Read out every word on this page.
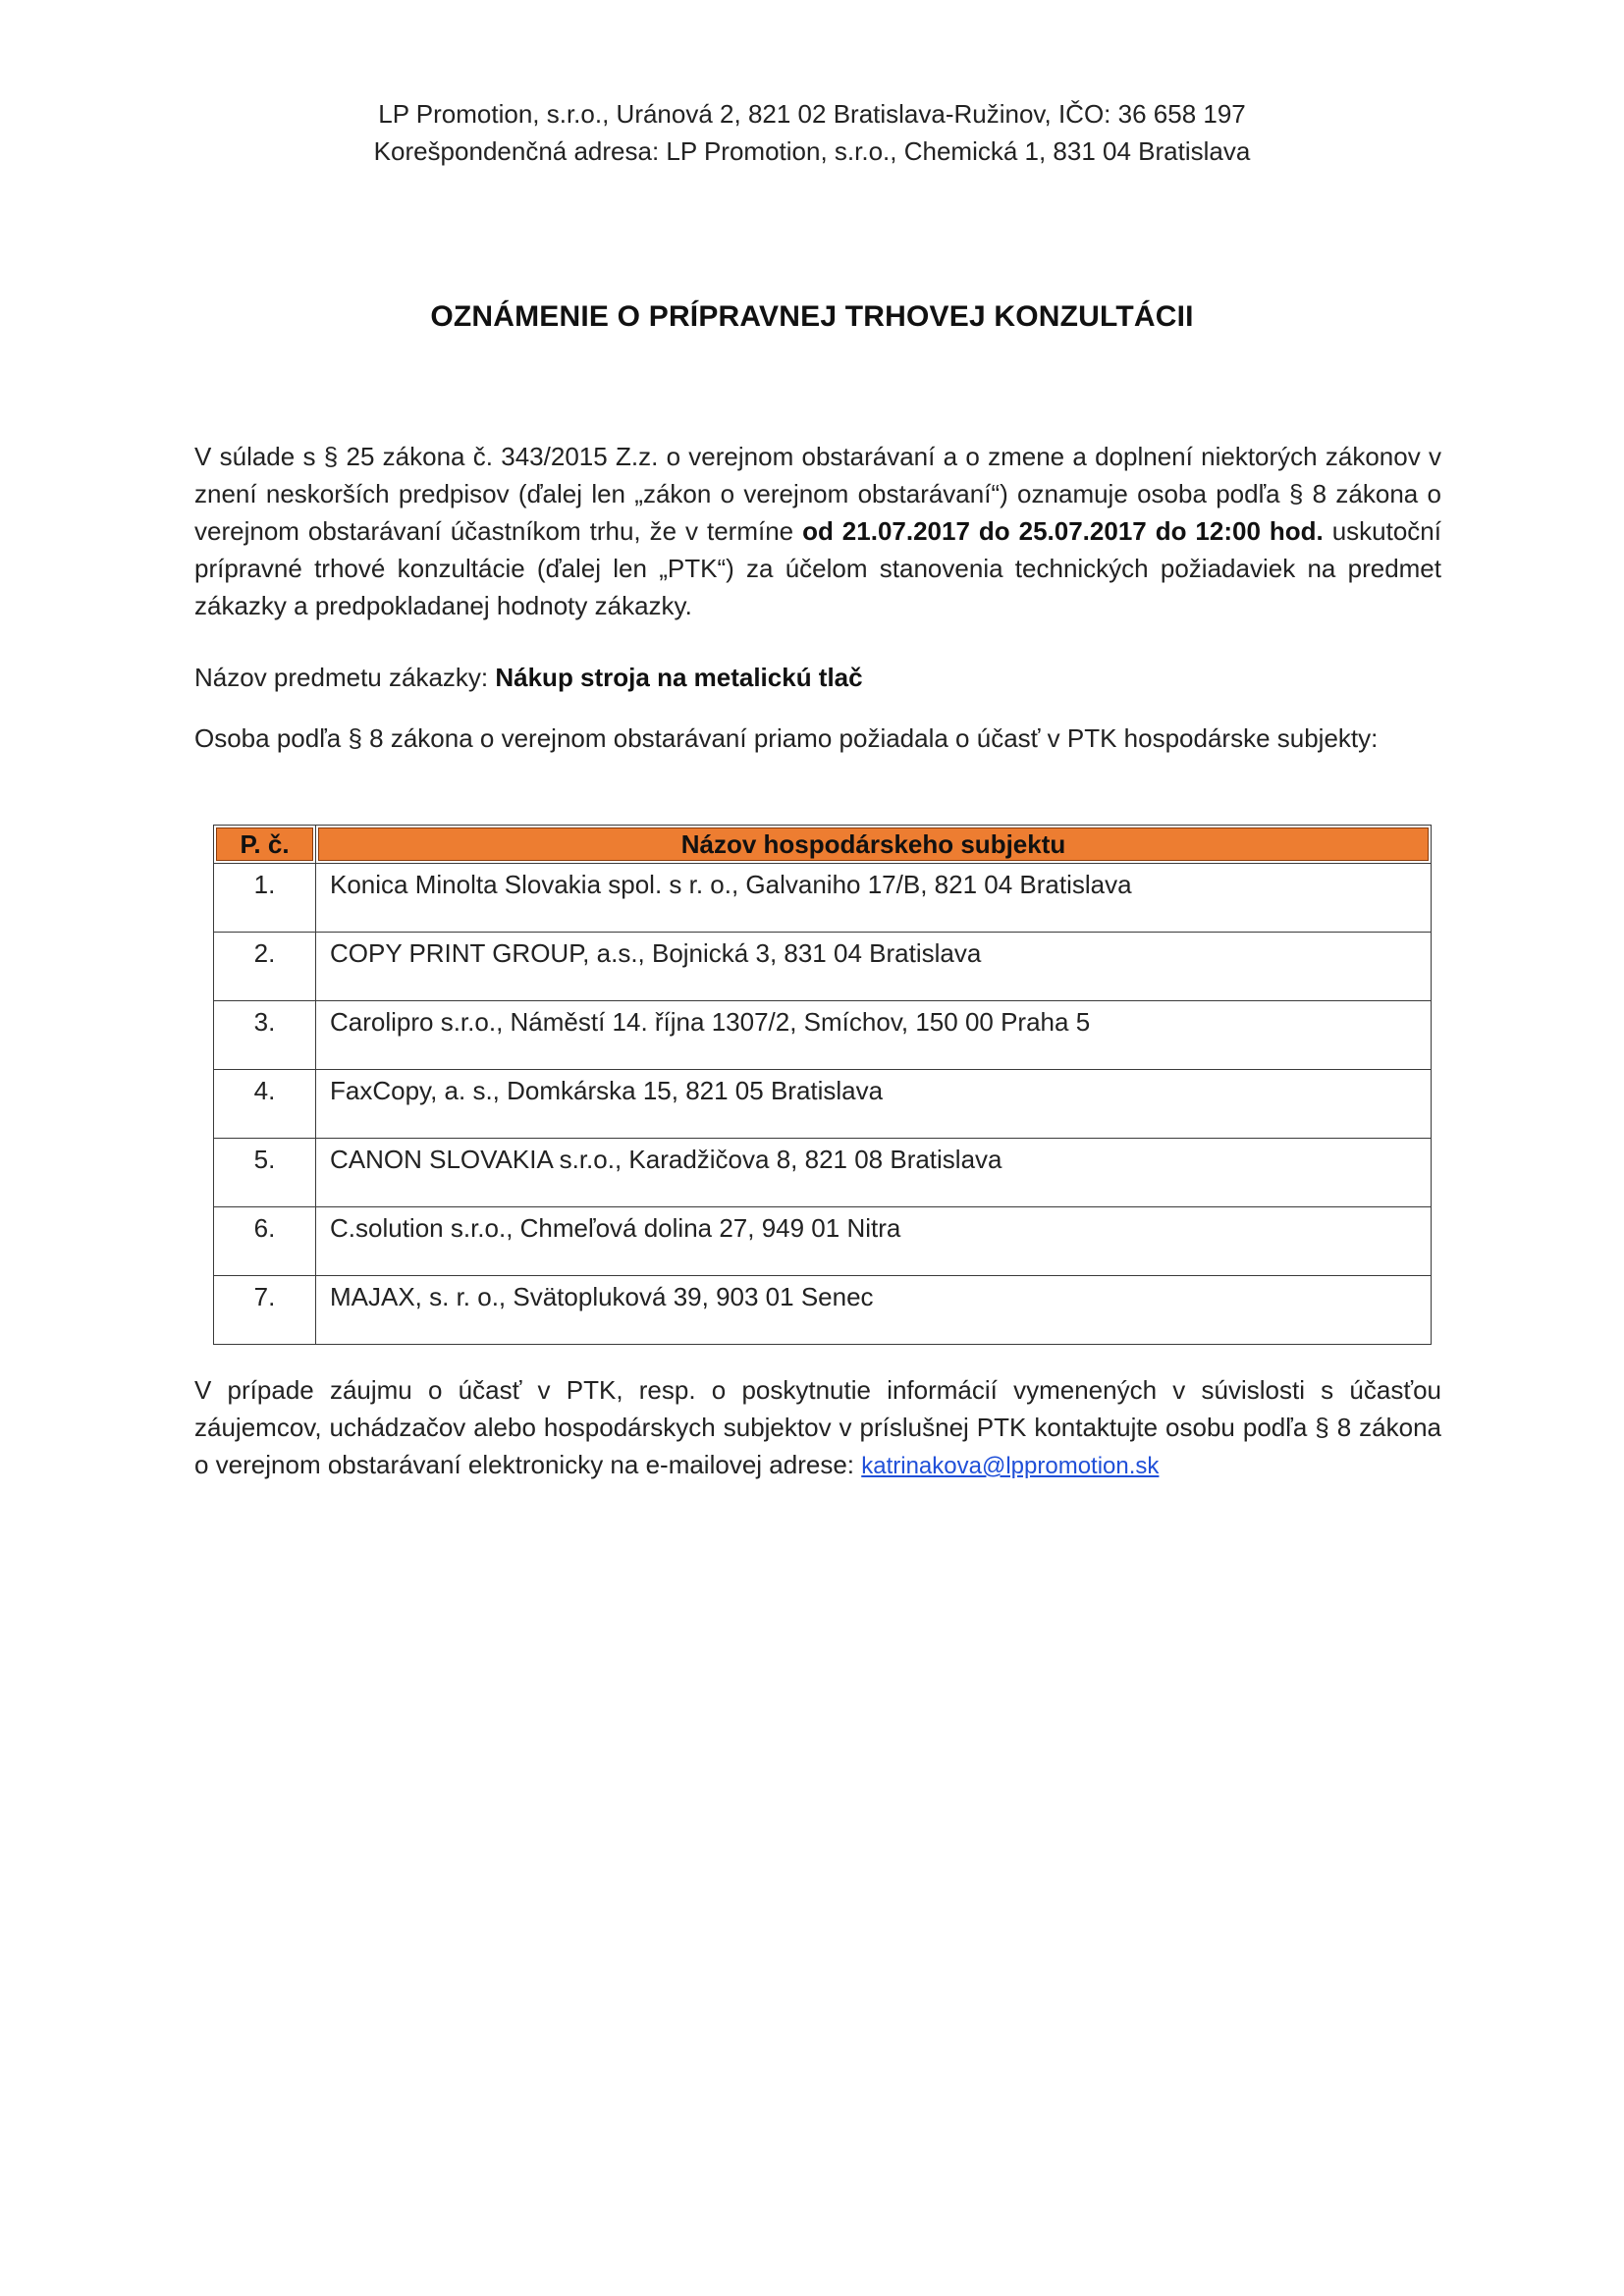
LP Promotion, s.r.o., Uránová 2, 821 02 Bratislava-Ružinov, IČO: 36 658 197
Korešpondenčná adresa: LP Promotion, s.r.o., Chemická 1, 831 04 Bratislava
OZNÁMENIE O PRÍPRAVNEJ TRHOVEJ KONZULTÁCII
V súlade s § 25 zákona č. 343/2015 Z.z. o verejnom obstarávaní a o zmene a doplnení niektorých zákonov v znení neskorších predpisov (ďalej len „zákon o verejnom obstarávaní“) oznamuje osoba podľa § 8 zákona o verejnom obstarávaní účastníkom trhu, že v termíne od 21.07.2017 do 25.07.2017 do 12:00 hod. uskutoční prípravné trhové konzultácie (ďalej len „PTK“) za účelom stanovenia technických požiadaviek na predmet zákazky a predpokladanej hodnoty zákazky.
Názov predmetu zákazky: Nákup stroja na metalickú tlač
Osoba podľa § 8 zákona o verejnom obstarávaní priamo požiadala o účasť v PTK hospodárske subjekty:
P. č.	Názov hospodárskeho subjektu
1.	Konica Minolta Slovakia spol. s r. o., Galvaniho 17/B, 821 04 Bratislava
2.	COPY PRINT GROUP, a.s., Bojnická 3, 831 04 Bratislava
3.	Carolipro s.r.o., Náměstí 14. října 1307/2, Smíchov, 150 00 Praha 5
4.	FaxCopy, a. s., Domkárska 15, 821 05 Bratislava
5.	CANON SLOVAKIA s.r.o., Karadžičova 8, 821 08 Bratislava
6.	C.solution s.r.o., Chmeľová dolina 27, 949 01 Nitra
7.	MAJAX, s. r. o., Svätopluková 39, 903 01 Senec
V prípade záujmu o účasť v PTK, resp. o poskytnutie informácií vymenených v súvislosti s účasťou záujemcov, uchádzačov alebo hospodárskych subjektov v príslušnej PTK kontaktujte osobu podľa § 8 zákona o verejnom obstarávaní elektronicky na e-mailovej adrese: katrinakova@lppromotion.sk
